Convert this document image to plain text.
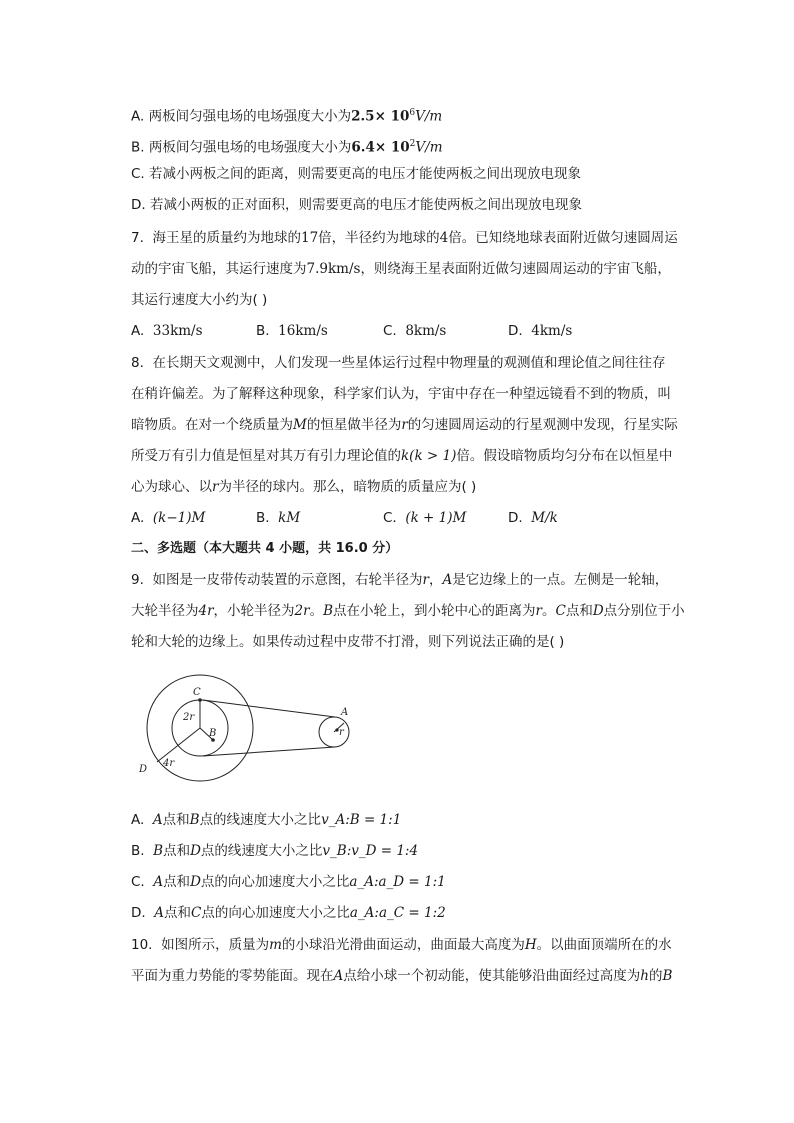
A. 两板间匀强电场的电场强度大小为$2.5\times 10^6V/m$
B. 两板间匀强电场的电场强度大小为$6.4\times 10^2V/m$
C. 若减小两板之间的距离，则需要更高的电压才能使两板之间出现放电现象
D. 若减小两板的正对面积，则需要更高的电压才能使两板之间出现放电现象
7. 海王星的质量约为地球的17倍，半径约为地球的4倍。已知绕地球表面附近做匀速圆周运
动的宇宙飞船，其运行速度为7.9km/s，则绕海王星表面附近做匀速圆周运动的宇宙飞船，
其运行速度大小约为( )
A. 33km/s	B. 16km/s	C. 8km/s	D. 4km/s
8. 在长期天文观测中，人们发现一些星体运行过程中物理量的观测值和理论值之间往往存
在稍许偏差。为了解释这种现象，科学家们认为，宇宙中存在一种望远镜看不到的物质，叫
暗物质。在对一个绕质量为M的恒星做半径为r的匀速圆周运动的行星观测中发现，行星实际
所受万有引力值是恒星对其万有引力理论值的k(k > 1)倍。假设暗物质均匀分布在以恒星中
心为球心、以r为半径的球内。那么，暗物质的质量应为( )
A. (k−1)M	B. kM	C. (k + 1)M	D. M/k
二、多选题（本大题共 4 小题，共 16.0 分）
9. 如图是一皮带传动装置的示意图，右轮半径为r，A是它边缘上的一点。左侧是一轮轴，
大轮半径为4r，小轮半径为2r。B点在小轮上，到小轮中心的距离为r。C点和D点分别位于小
轮和大轮的边缘上。如果传动过程中皮带不打滑，则下列说法正确的是( )
C
2r
B
4r
D
A
r
A. A点和B点的线速度大小之比v_A:B = 1:1
B. B点和D点的线速度大小之比v_B:v_D = 1:4
C. A点和D点的向心加速度大小之比a_A:a_D = 1:1
D. A点和C点的向心加速度大小之比a_A:a_C = 1:2
10. 如图所示，质量为m的小球沿光滑曲面运动，曲面最大高度为H。以曲面顶端所在的水
平面为重力势能的零势能面。现在A点给小球一个初动能，使其能够沿曲面经过高度为h的B
